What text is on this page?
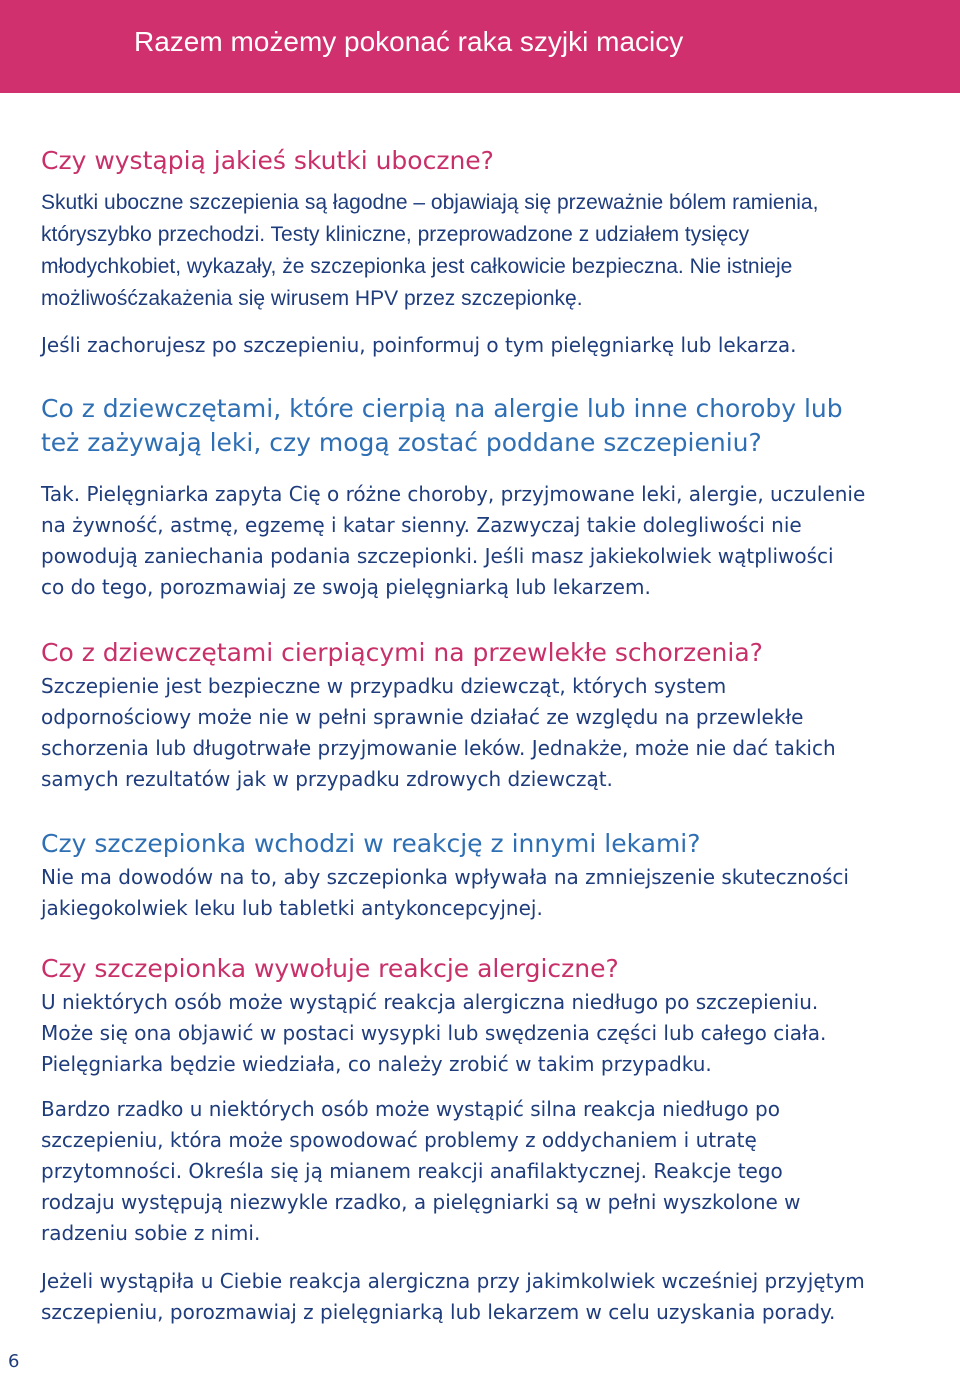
Razem możemy pokonać raka szyjki macicy
Czy wystąpią jakieś skutki uboczne?

Skutki uboczne szczepienia są łagodne – objawiają się przeważnie bólem ramienia,
któryszybko przechodzi. Testy kliniczne, przeprowadzone z udziałem tysięcy
młodychkobiet, wykazały, że szczepionka jest całkowicie bezpieczna. Nie istnieje
możliwośćzakażenia się wirusem HPV przez szczepionkę.

Jeśli zachorujesz po szczepieniu, poinformuj o tym pielęgniarkę lub lekarza.

Co z dziewczętami, które cierpią na alergie lub inne choroby lub
też zażywają leki, czy mogą zostać poddane szczepieniu?

Tak. Pielęgniarka zapyta Cię o różne choroby, przyjmowane leki, alergie, uczulenie
na żywność, astmę, egzemę i katar sienny. Zazwyczaj takie dolegliwości nie
powodują zaniechania podania szczepionki. Jeśli masz jakiekolwiek wątpliwości
co do tego, porozmawiaj ze swoją pielęgniarką lub lekarzem.

Co z dziewczętami cierpiącymi na przewlekłe schorzenia?

Szczepienie jest bezpieczne w przypadku dziewcząt, których system
odpornościowy może nie w pełni sprawnie działać ze względu na przewlekłe
schorzenia lub długotrwałe przyjmowanie leków. Jednakże, może nie dać takich
samych rezultatów jak w przypadku zdrowych dziewcząt.

Czy szczepionka wchodzi w reakcję z innymi lekami?

Nie ma dowodów na to, aby szczepionka wpływała na zmniejszenie skuteczności
jakiegokolwiek leku lub tabletki antykoncepcyjnej.

Czy szczepionka wywołuje reakcje alergiczne?

U niektórych osób może wystąpić reakcja alergiczna niedługo po szczepieniu.
Może się ona objawić w postaci wysypki lub swędzenia części lub całego ciała.
Pielęgniarka będzie wiedziała, co należy zrobić w takim przypadku.

Bardzo rzadko u niektórych osób może wystąpić silna reakcja niedługo po
szczepieniu, która może spowodować problemy z oddychaniem i utratę
przytomności. Określa się ją mianem reakcji anafilaktycznej. Reakcje tego
rodzaju występują niezwykle rzadko, a pielęgniarki są w pełni wyszkolone w
radzeniu sobie z nimi.

Jeżeli wystąpiła u Ciebie reakcja alergiczna przy jakimkolwiek wcześniej przyjętym
szczepieniu, porozmawiaj z pielęgniarką lub lekarzem w celu uzyskania porady.

6
